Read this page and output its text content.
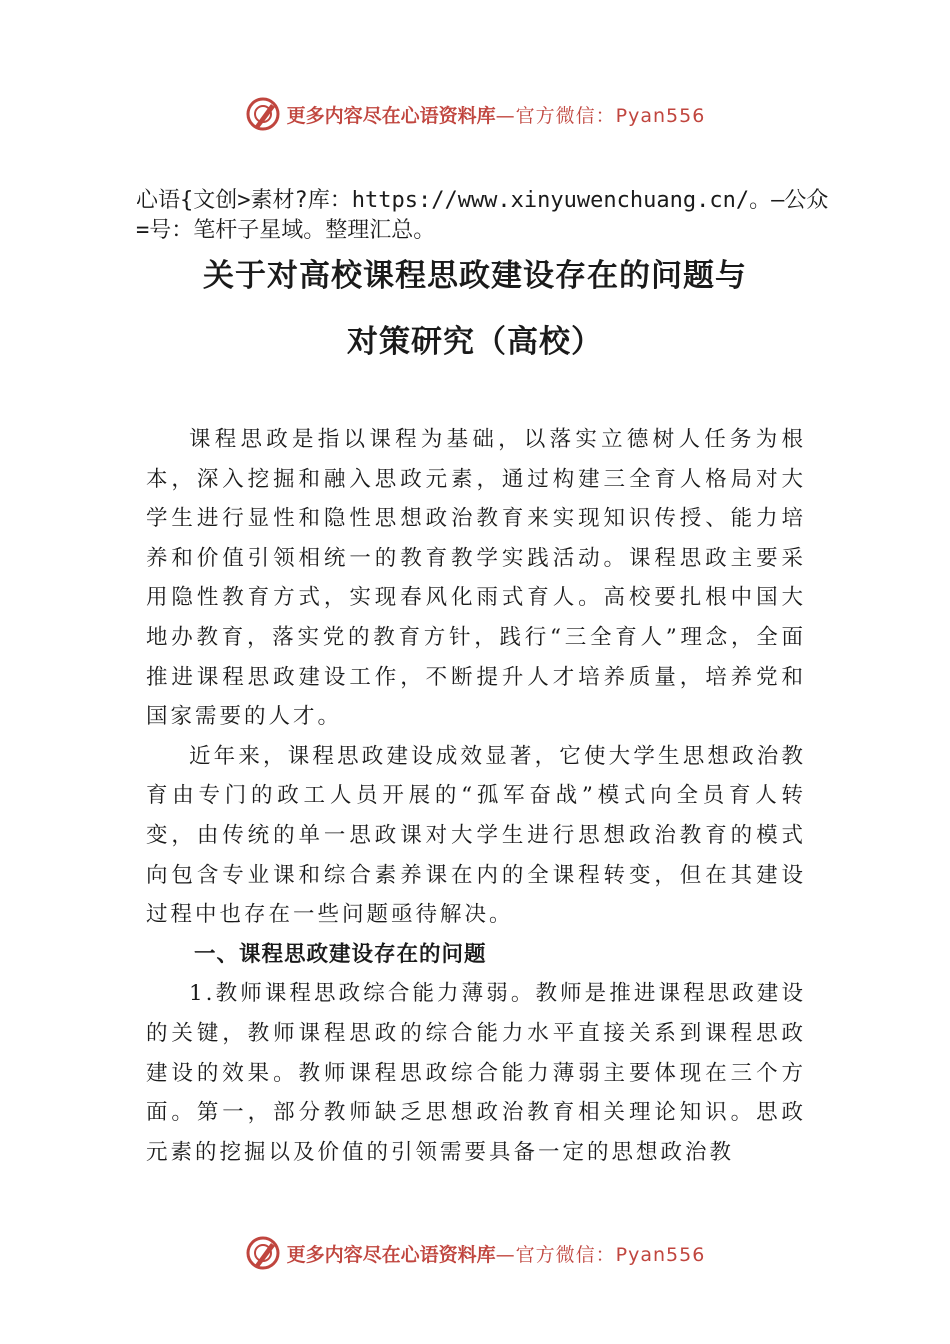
更多内容尽在心语资料库 —官方微信：Pyan556

心语{文创>素材?库：https://www.xinyuwenchuang.cn/。—公众=号：笔杆子星域。整理汇总。

关于对高校课程思政建设存在的问题与
对策研究（高校）

课程思政是指以课程为基础，以落实立德树人任务为根本，深入挖掘和融入思政元素，通过构建三全育人格局对大学生进行显性和隐性思想政治教育来实现知识传授、能力培养和价值引领相统一的教育教学实践活动。课程思政主要采用隐性教育方式，实现春风化雨式育人。高校要扎根中国大地办教育，落实党的教育方针，践行“三全育人”理念，全面推进课程思政建设工作，不断提升人才培养质量，培养党和国家需要的人才。

近年来，课程思政建设成效显著，它使大学生思想政治教育由专门的政工人员开展的“孤军奋战”模式向全员育人转变，由传统的单一思政课对大学生进行思想政治教育的模式向包含专业课和综合素养课在内的全课程转变，但在其建设过程中也存在一些问题亟待解决。

一、课程思政建设存在的问题

1.教师课程思政综合能力薄弱。教师是推进课程思政建设的关键，教师课程思政的综合能力水平直接关系到课程思政建设的效果。教师课程思政综合能力薄弱主要体现在三个方面。第一，部分教师缺乏思想政治教育相关理论知识。思政元素的挖掘以及价值的引领需要具备一定的思想政治教

更多内容尽在心语资料库 —官方微信：Pyan556
